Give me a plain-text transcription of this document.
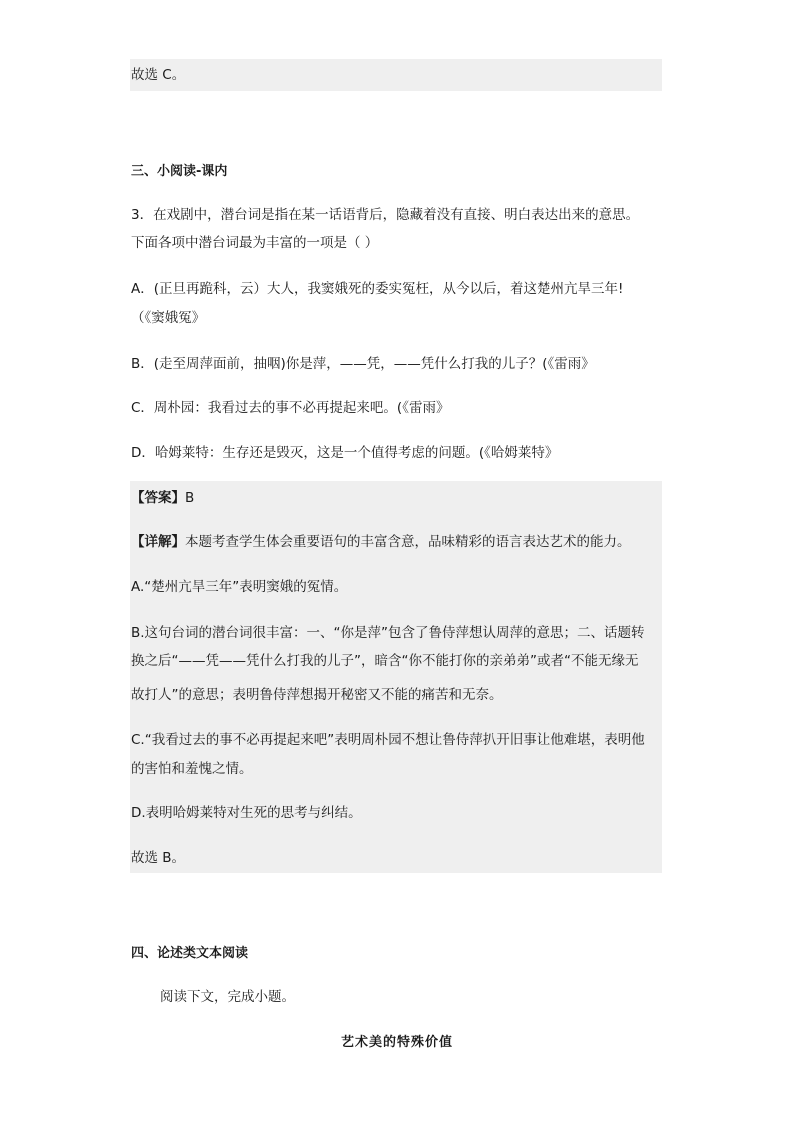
故选 C。
三、小阅读-课内
3．在戏剧中，潜台词是指在某一话语背后，隐藏着没有直接、明白表达出来的意思。
下面各项中潜台词最为丰富的一项是（ ）
A．(正旦再跪科，云）大人，我窦娥死的委实冤枉，从今以后，着这楚州亢旱三年!
（《窦娥冤》
B．(走至周萍面前，抽咽)你是萍，——凭，——凭什么打我的儿子？(《雷雨》
C．周朴园：我看过去的事不必再提起来吧。(《雷雨》
D．哈姆莱特：生存还是毁灭，这是一个值得考虑的问题。(《哈姆莱特》
【答案】B
【详解】本题考查学生体会重要语句的丰富含意，品味精彩的语言表达艺术的能力。
A.“楚州亢旱三年”表明窦娥的冤情。
B.这句台词的潜台词很丰富：一、“你是萍”包含了鲁侍萍想认周萍的意思；二、话题转
换之后“——凭——凭什么打我的儿子”，暗含“你不能打你的亲弟弟”或者“不能无缘无
故打人”的意思；表明鲁侍萍想揭开秘密又不能的痛苦和无奈。
C.“我看过去的事不必再提起来吧”表明周朴园不想让鲁侍萍扒开旧事让他难堪，表明他
的害怕和羞愧之情。
D.表明哈姆莱特对生死的思考与纠结。
故选 B。
四、论述类文本阅读
阅读下文，完成小题。
艺术美的特殊价值
